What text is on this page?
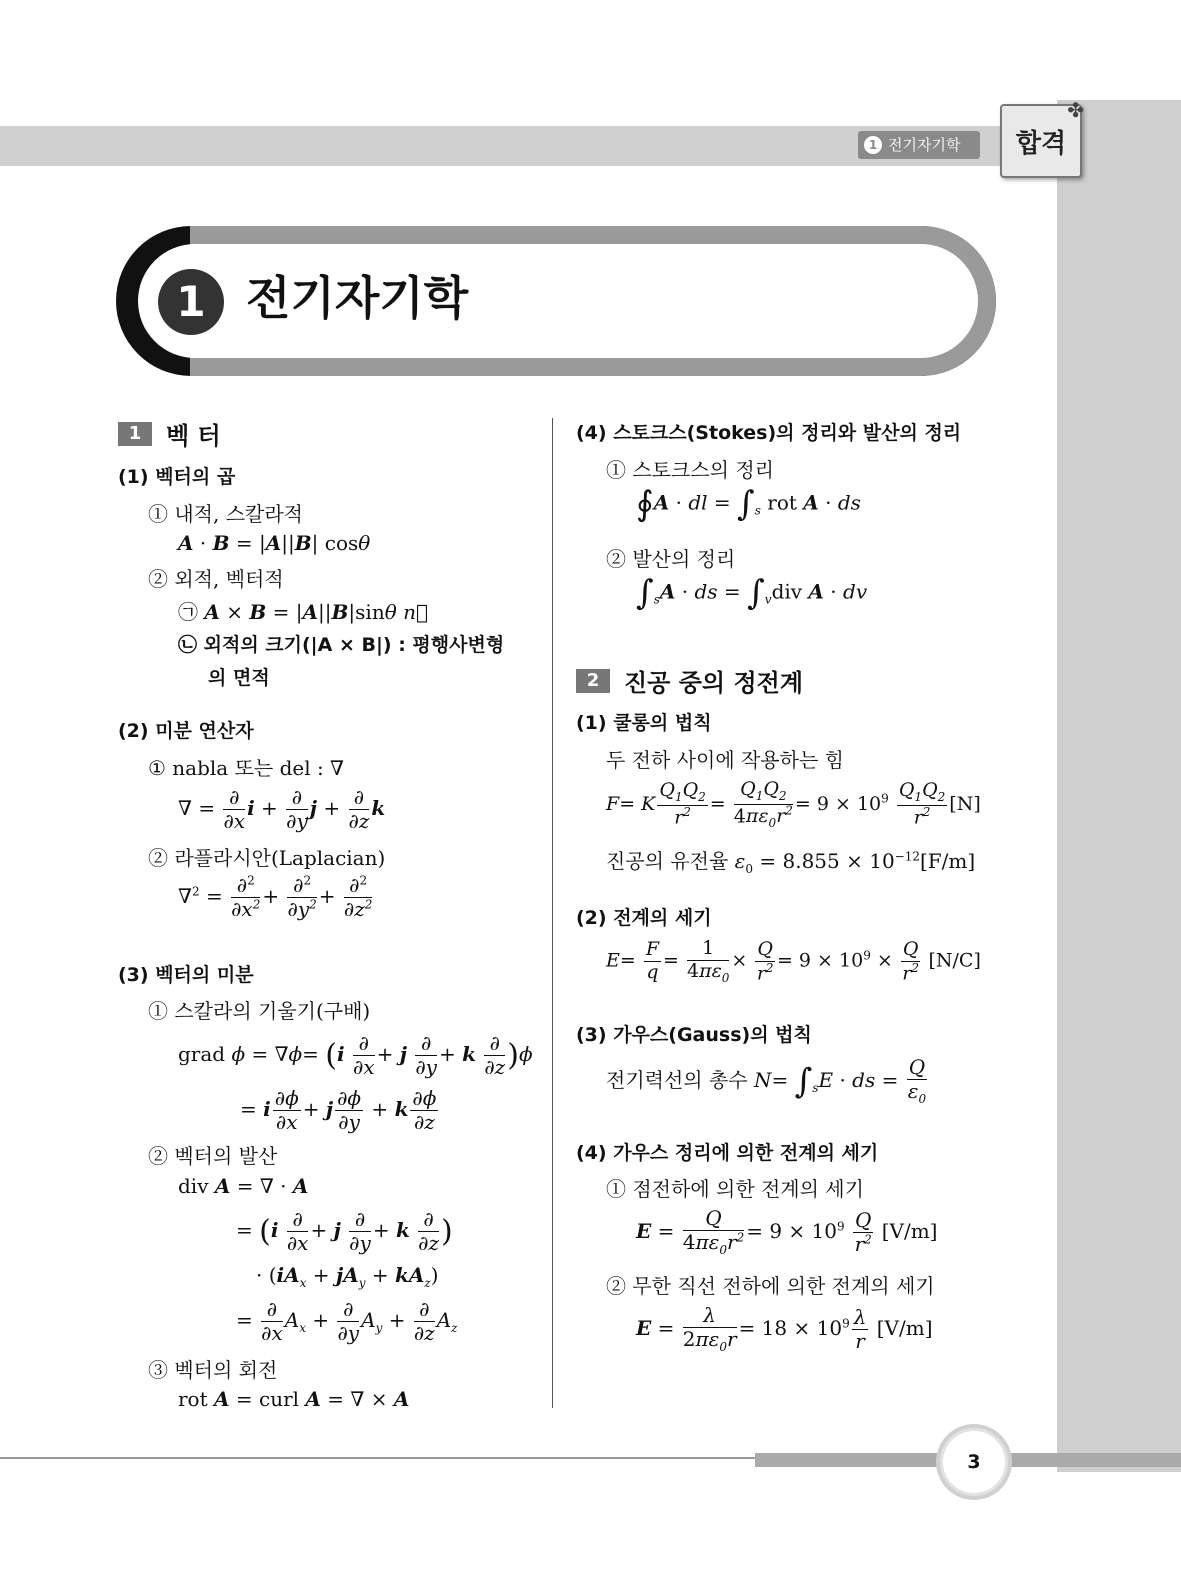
1 전기자기학 합격
✤
1 전기자기학
1	벡 터
(1) 벡터의 곱
① 내적, 스칼라적
A · B = |A||B| cosθ
② 외적, 벡터적
㉠ A × B = |A||B|sinθ n⃗
㉡ 외적의 크기(|A × B|) : 평행사변형
의 면적
(2) 미분 연산자
① nabla 또는 del : ∇
∇ = $\frac{\partial}{\partial x}$ $i + \frac{\partial}{\partial y}$ $j + \frac{\partial}{\partial z}$ k
② 라플라시안(Laplacian)
$\nabla^2 = \frac{\partial^2}{\partial x^2} + \frac{\partial^2}{\partial y^2} + \frac{\partial^2}{\partial z^2}$
(3) 벡터의 미분
① 스칼라의 기울기(구배)
grad $\phi = \nabla\phi= (i \frac{\partial}{\partial x} + j \frac{\partial}{\partial y} + k \frac{\partial}{\partial z} )\phi$
= i $\frac{\partial\phi}{\partial x} + j \frac{\partial\phi}{\partial y} + k \frac{\partial\phi}{\partial z}$
② 벡터의 발산
div A = ∇ · A
= ($i \frac{\partial}{\partial x} + j \frac{\partial}{\partial y} + k \frac{\partial}{\partial z}$ )
· $(iA_x + jA_y + kA_z)$
= $\frac{\partial}{\partial x} A_x + \frac{\partial}{\partial y} A_y + \frac{\partial}{\partial z} A_z$
③ 벡터의 회전
rot A = curl A = ∇ × A
(4) 스토크스(Stokes)의 정리와 발산의 정리
① 스토크스의 정리
∮A · dl = $\int_s$ rot A · ds
② 발산의 정리
$\int_sA$ · ds = $\int_vdiv$ A · dv
2	진공 중의 정전계
(1) 쿨롱의 법칙
두 전하 사이에 작용하는 힘
F= K $\frac{Q_1Q_2}{r^2} = \frac{Q_1Q_2}{4\pi\varepsilon_0r^2} = 9 \times 10^9 \frac{Q_1Q_2}{r^2} [N]$
진공의 유전율 $\varepsilon_0 = 8.855 \times 10^{-12}[F/m]$
(2) 전계의 세기
$E= \frac{F}{q} = \frac{1}{4\pi\varepsilon_0} \times \frac{Q}{r^2} = 9 \times 10^9 \times \frac{Q}{r^2} [N/C]$
(3) 가우스(Gauss)의 법칙
전기력선의 총수 $N= \int_sE$ · ds = $\frac{Q}{\varepsilon_0}$
(4) 가우스 정리에 의한 전계의 세기
① 점전하에 의한 전계의 세기
$E = \frac{Q}{4\pi\varepsilon_0r^2} = 9 \times 10^9 \frac{Q}{r^2} [V/m]$
② 무한 직선 전하에 의한 전계의 세기
$E = \frac{\lambda}{2\pi\varepsilon_0r} = 18 \times 10^9 \frac{\lambda}{r} [V/m]$
3
